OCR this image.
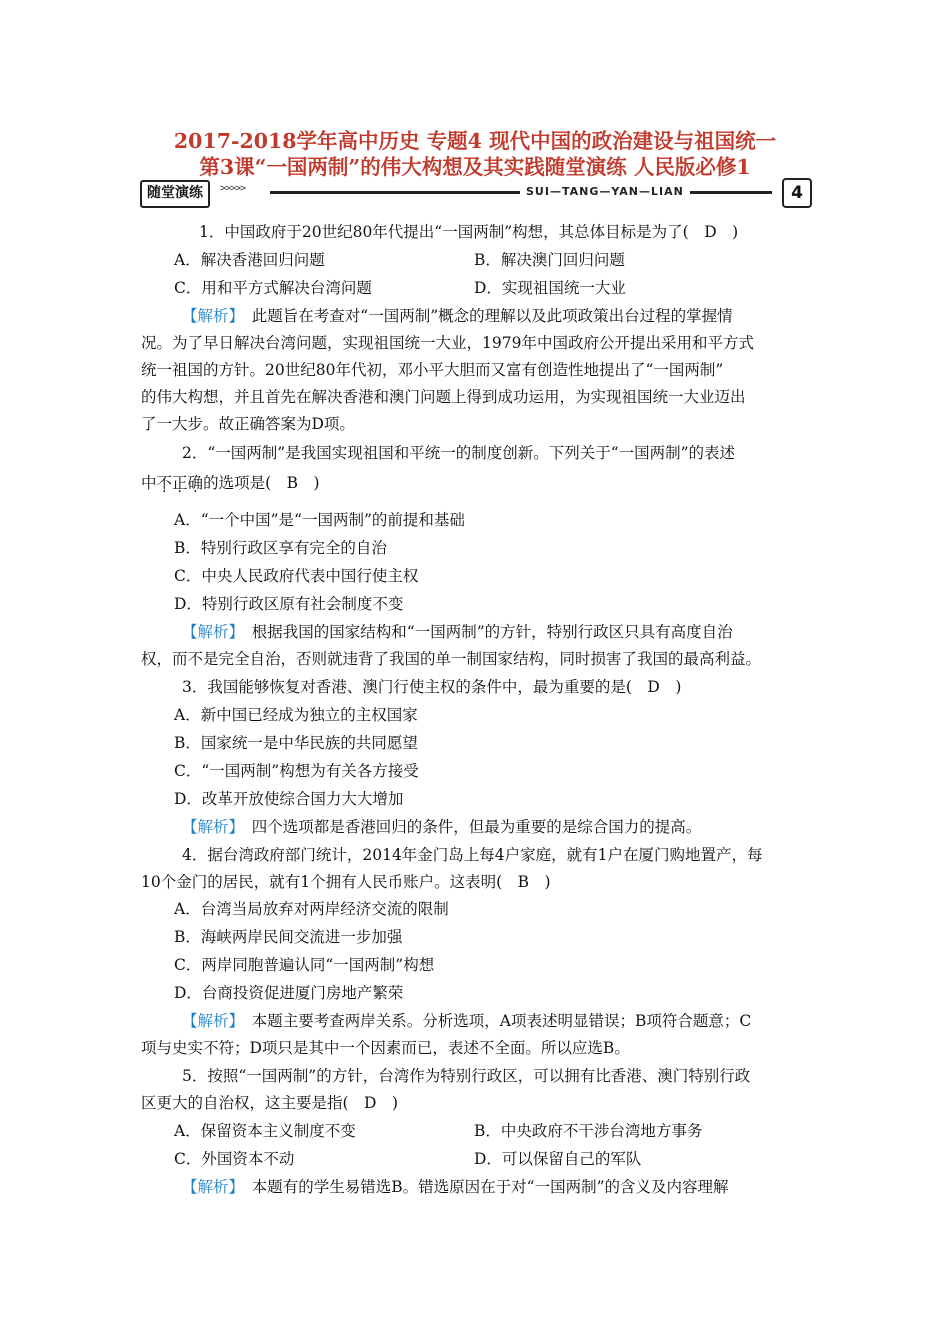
2017-2018学年高中历史 专题4 现代中国的政治建设与祖国统一
第3课“一国两制”的伟大构想及其实践随堂演练 人民版必修1
随堂演练	>>>>>	SUI—TANG—YAN—LIAN	4
1．中国政府于20世纪80年代提出“一国两制”构想，其总体目标是为了(　D　)
A．解决香港回归问题	B．解决澳门回归问题
C．用和平方式解决台湾问题	D．实现祖国统一大业
【解析】　此题旨在考查对“一国两制”概念的理解以及此项政策出台过程的掌握情
况。为了早日解决台湾问题，实现祖国统一大业，1979年中国政府公开提出采用和平方式
统一祖国的方针。20世纪80年代初，邓小平大胆而又富有创造性地提出了“一国两制”
的伟大构想，并且首先在解决香港和澳门问题上得到成功运用，为实现祖国统一大业迈出
了一大步。故正确答案为D项。
2．“一国两制”是我国实现祖国和平统一的制度创新。下列关于“一国两制”的表述
中不正确的选项是(　B　)
A．“一个中国”是“一国两制”的前提和基础
B．特别行政区享有完全的自治
C．中央人民政府代表中国行使主权
D．特别行政区原有社会制度不变
【解析】　根据我国的国家结构和“一国两制”的方针，特别行政区只具有高度自治
权，而不是完全自治，否则就违背了我国的单一制国家结构，同时损害了我国的最高利益。
3．我国能够恢复对香港、澳门行使主权的条件中，最为重要的是(　D　)
A．新中国已经成为独立的主权国家
B．国家统一是中华民族的共同愿望
C．“一国两制”构想为有关各方接受
D．改革开放使综合国力大大增加
【解析】　四个选项都是香港回归的条件，但最为重要的是综合国力的提高。
4．据台湾政府部门统计，2014年金门岛上每4户家庭，就有1户在厦门购地置产，每
10个金门的居民，就有1个拥有人民币账户。这表明(　B　)
A．台湾当局放弃对两岸经济交流的限制
B．海峡两岸民间交流进一步加强
C．两岸同胞普遍认同“一国两制”构想
D．台商投资促进厦门房地产繁荣
【解析】　本题主要考查两岸关系。分析选项，A项表述明显错误；B项符合题意；C
项与史实不符；D项只是其中一个因素而已，表述不全面。所以应选B。
5．按照“一国两制”的方针，台湾作为特别行政区，可以拥有比香港、澳门特别行政
区更大的自治权，这主要是指(　D　)
A．保留资本主义制度不变	B．中央政府不干涉台湾地方事务
C．外国资本不动	D．可以保留自己的军队
【解析】　本题有的学生易错选B。错选原因在于对“一国两制”的含义及内容理解
